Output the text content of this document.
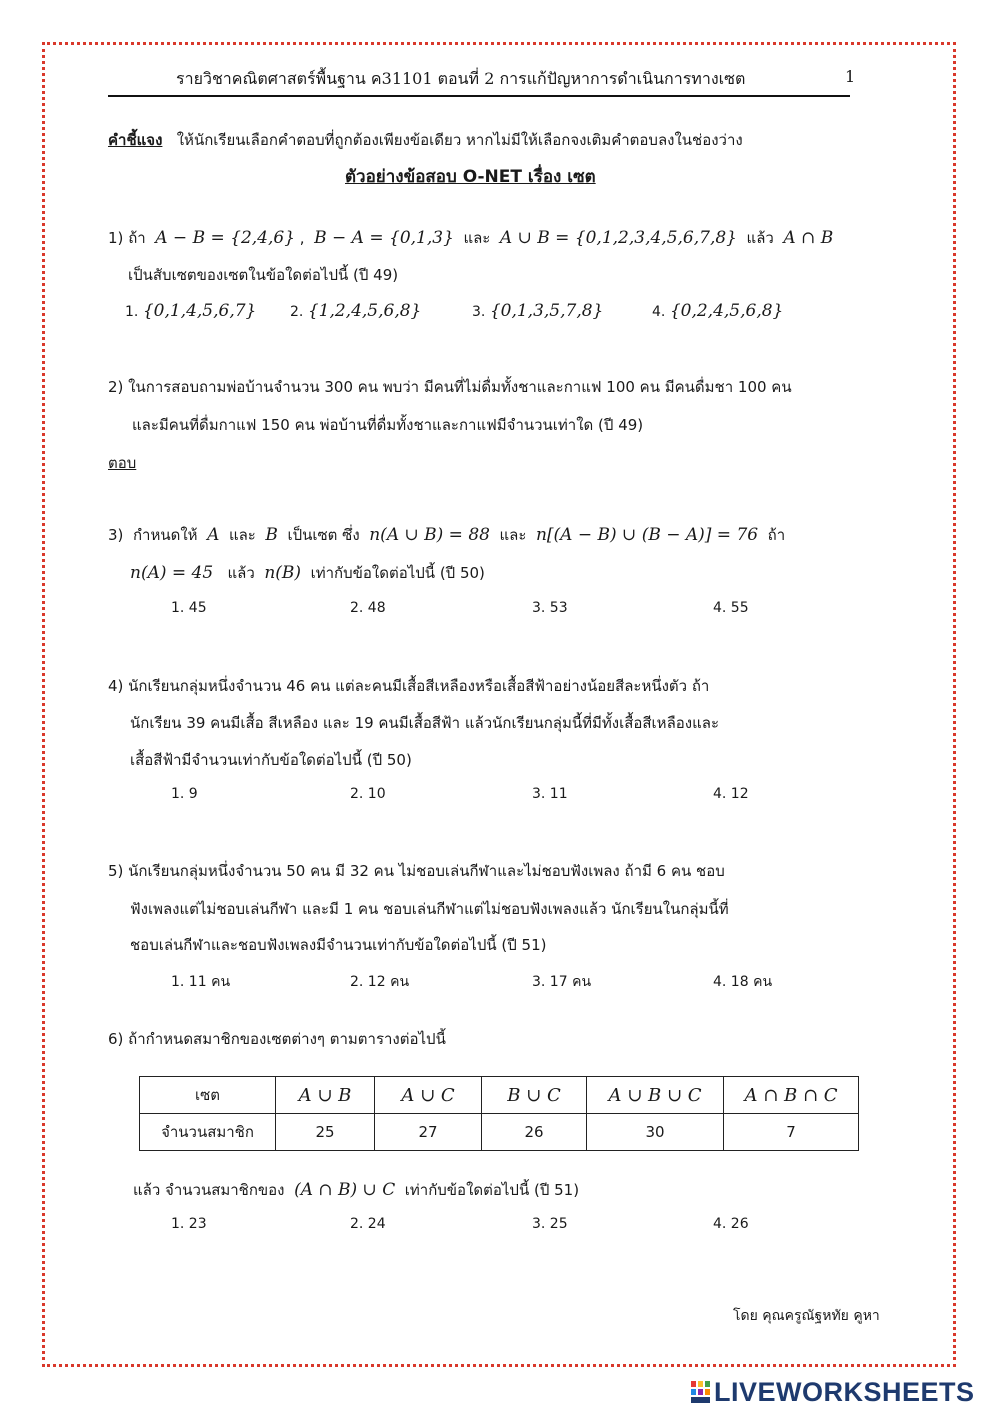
รายวิชาคณิตศาสตร์พื้นฐาน ค31101 ตอนที่ 2 การแก้ปัญหาการดำเนินการทางเซต	1
คำชี้แจง ให้นักเรียนเลือกคำตอบที่ถูกต้องเพียงข้อเดียว หากไม่มีให้เลือกจงเติมคำตอบลงในช่องว่าง
ตัวอย่างข้อสอบ O-NET เรื่อง เซต
1) ถ้า A − B = {2,4,6} , B − A = {0,1,3} และ A ∪ B = {0,1,2,3,4,5,6,7,8} แล้ว A ∩ B
เป็นสับเซตของเซตในข้อใดต่อไปนี้ (ปี 49)
1. {0,1,4,5,6,7} 2. {1,2,4,5,6,8}	3. {0,1,3,5,7,8}	4. {0,2,4,5,6,8}
2) ในการสอบถามพ่อบ้านจำนวน 300 คน พบว่า มีคนที่ไม่ดื่มทั้งชาและกาแฟ 100 คน มีคนดื่มชา 100 คน
และมีคนที่ดื่มกาแฟ 150 คน พ่อบ้านที่ดื่มทั้งชาและกาแฟมีจำนวนเท่าใด (ปี 49)
ตอบ
3) กำหนดให้ A และ B เป็นเซต ซึ่ง n(A ∪ B) = 88 และ n[(A − B) ∪ (B − A)] = 76 ถ้า
n(A) = 45 แล้ว n(B) เท่ากับข้อใดต่อไปนี้ (ปี 50)
1. 45	2. 48	3. 53	4. 55
4) นักเรียนกลุ่มหนึ่งจำนวน 46 คน แต่ละคนมีเสื้อสีเหลืองหรือเสื้อสีฟ้าอย่างน้อยสีละหนึ่งตัว ถ้า
นักเรียน 39 คนมีเสื้อ สีเหลือง และ 19 คนมีเสื้อสีฟ้า แล้วนักเรียนกลุ่มนี้ที่มีทั้งเสื้อสีเหลืองและ
เสื้อสีฟ้ามีจำนวนเท่ากับข้อใดต่อไปนี้ (ปี 50)
1. 9	2. 10	3. 11	4. 12
5) นักเรียนกลุ่มหนึ่งจำนวน 50 คน มี 32 คน ไม่ชอบเล่นกีฬาและไม่ชอบฟังเพลง ถ้ามี 6 คน ชอบ
ฟังเพลงแต่ไม่ชอบเล่นกีฬา และมี 1 คน ชอบเล่นกีฬาแต่ไม่ชอบฟังเพลงแล้ว นักเรียนในกลุ่มนี้ที่
ชอบเล่นกีฬาและชอบฟังเพลงมีจำนวนเท่ากับข้อใดต่อไปนี้ (ปี 51)
1. 11 คน	2. 12 คน	3. 17 คน	4. 18 คน
6) ถ้ากำหนดสมาชิกของเซตต่างๆ ตามตารางต่อไปนี้
เซต	A ∪ B	A ∪ C	B ∪ C	A ∪ B ∪ C	A ∩ B ∩ C
จำนวนสมาชิก	25	27	26	30	7
แล้ว จำนวนสมาชิกของ (A ∩ B) ∪ C เท่ากับข้อใดต่อไปนี้ (ปี 51)
1. 23	2. 24	3. 25	4. 26
โดย คุณครูณัฐหทัย คูหา
LIVEWORKSHEETS
